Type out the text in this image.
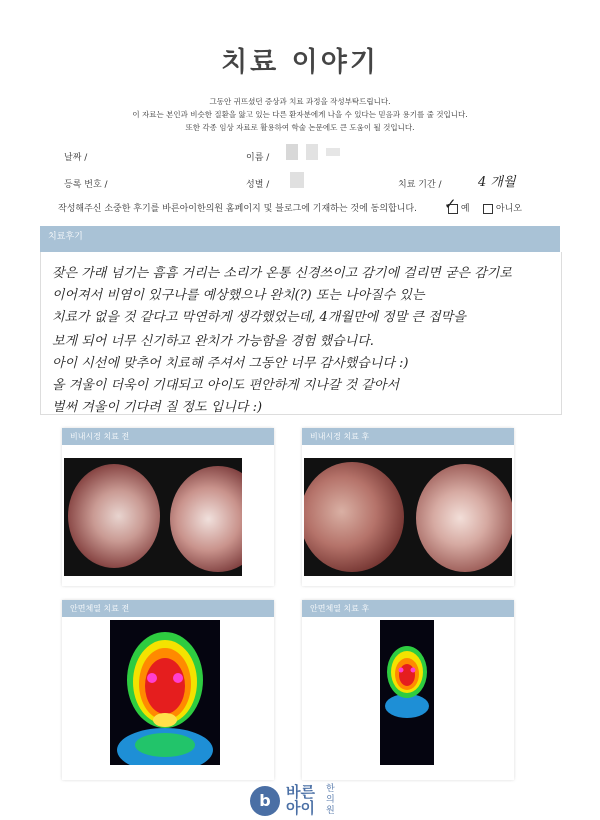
치료 이야기
그동안 귀뜨셨던 증상과 치료 과정을 작성부탁드립니다.
이 자료는 본인과 비슷한 질환을 앓고 있는 다른 환자분에게 나을 수 있다는 믿음과 용기를 줄 것입니다.
또한 각종 임상 자료로 활용하여 학술 논문에도 큰 도움이 될 것입니다.
날짜 /	이름 /
등록 번호 /	성별 /	치료 기간 /	4 개월
작성해주신 소중한 후기를 바른아이한의원 홈페이지 및 블로그에 기재하는 것에 동의합니다.	예
✓	아니오
치료후기
잦은 가래 넘기는 흠흠 거리는 소리가 온통 신경쓰이고 감기에 걸리면 굳은 감기로
이어져서 비염이 있구나를 예상했으나 완치(?) 또는 나아질수 있는
치료가 없을 것 같다고 막연하게 생각했었는데, 4개월만에 정말 큰 접막을
보게 되어 너무 신기하고 완치가 가능함을 경험 했습니다.
아이 시선에 맞추어 치료해 주셔서 그동안 너무 감사했습니다 :)
올 겨울이 더욱이 기대되고 아이도 편안하게 지나갈 것 같아서
벌써 겨울이 기다려 질 정도 입니다 :)
비내시경 치료 전	비내시경 치료 후
안면체열 치료 전	안면체열 치료 후
b	바른
아이
한의원
